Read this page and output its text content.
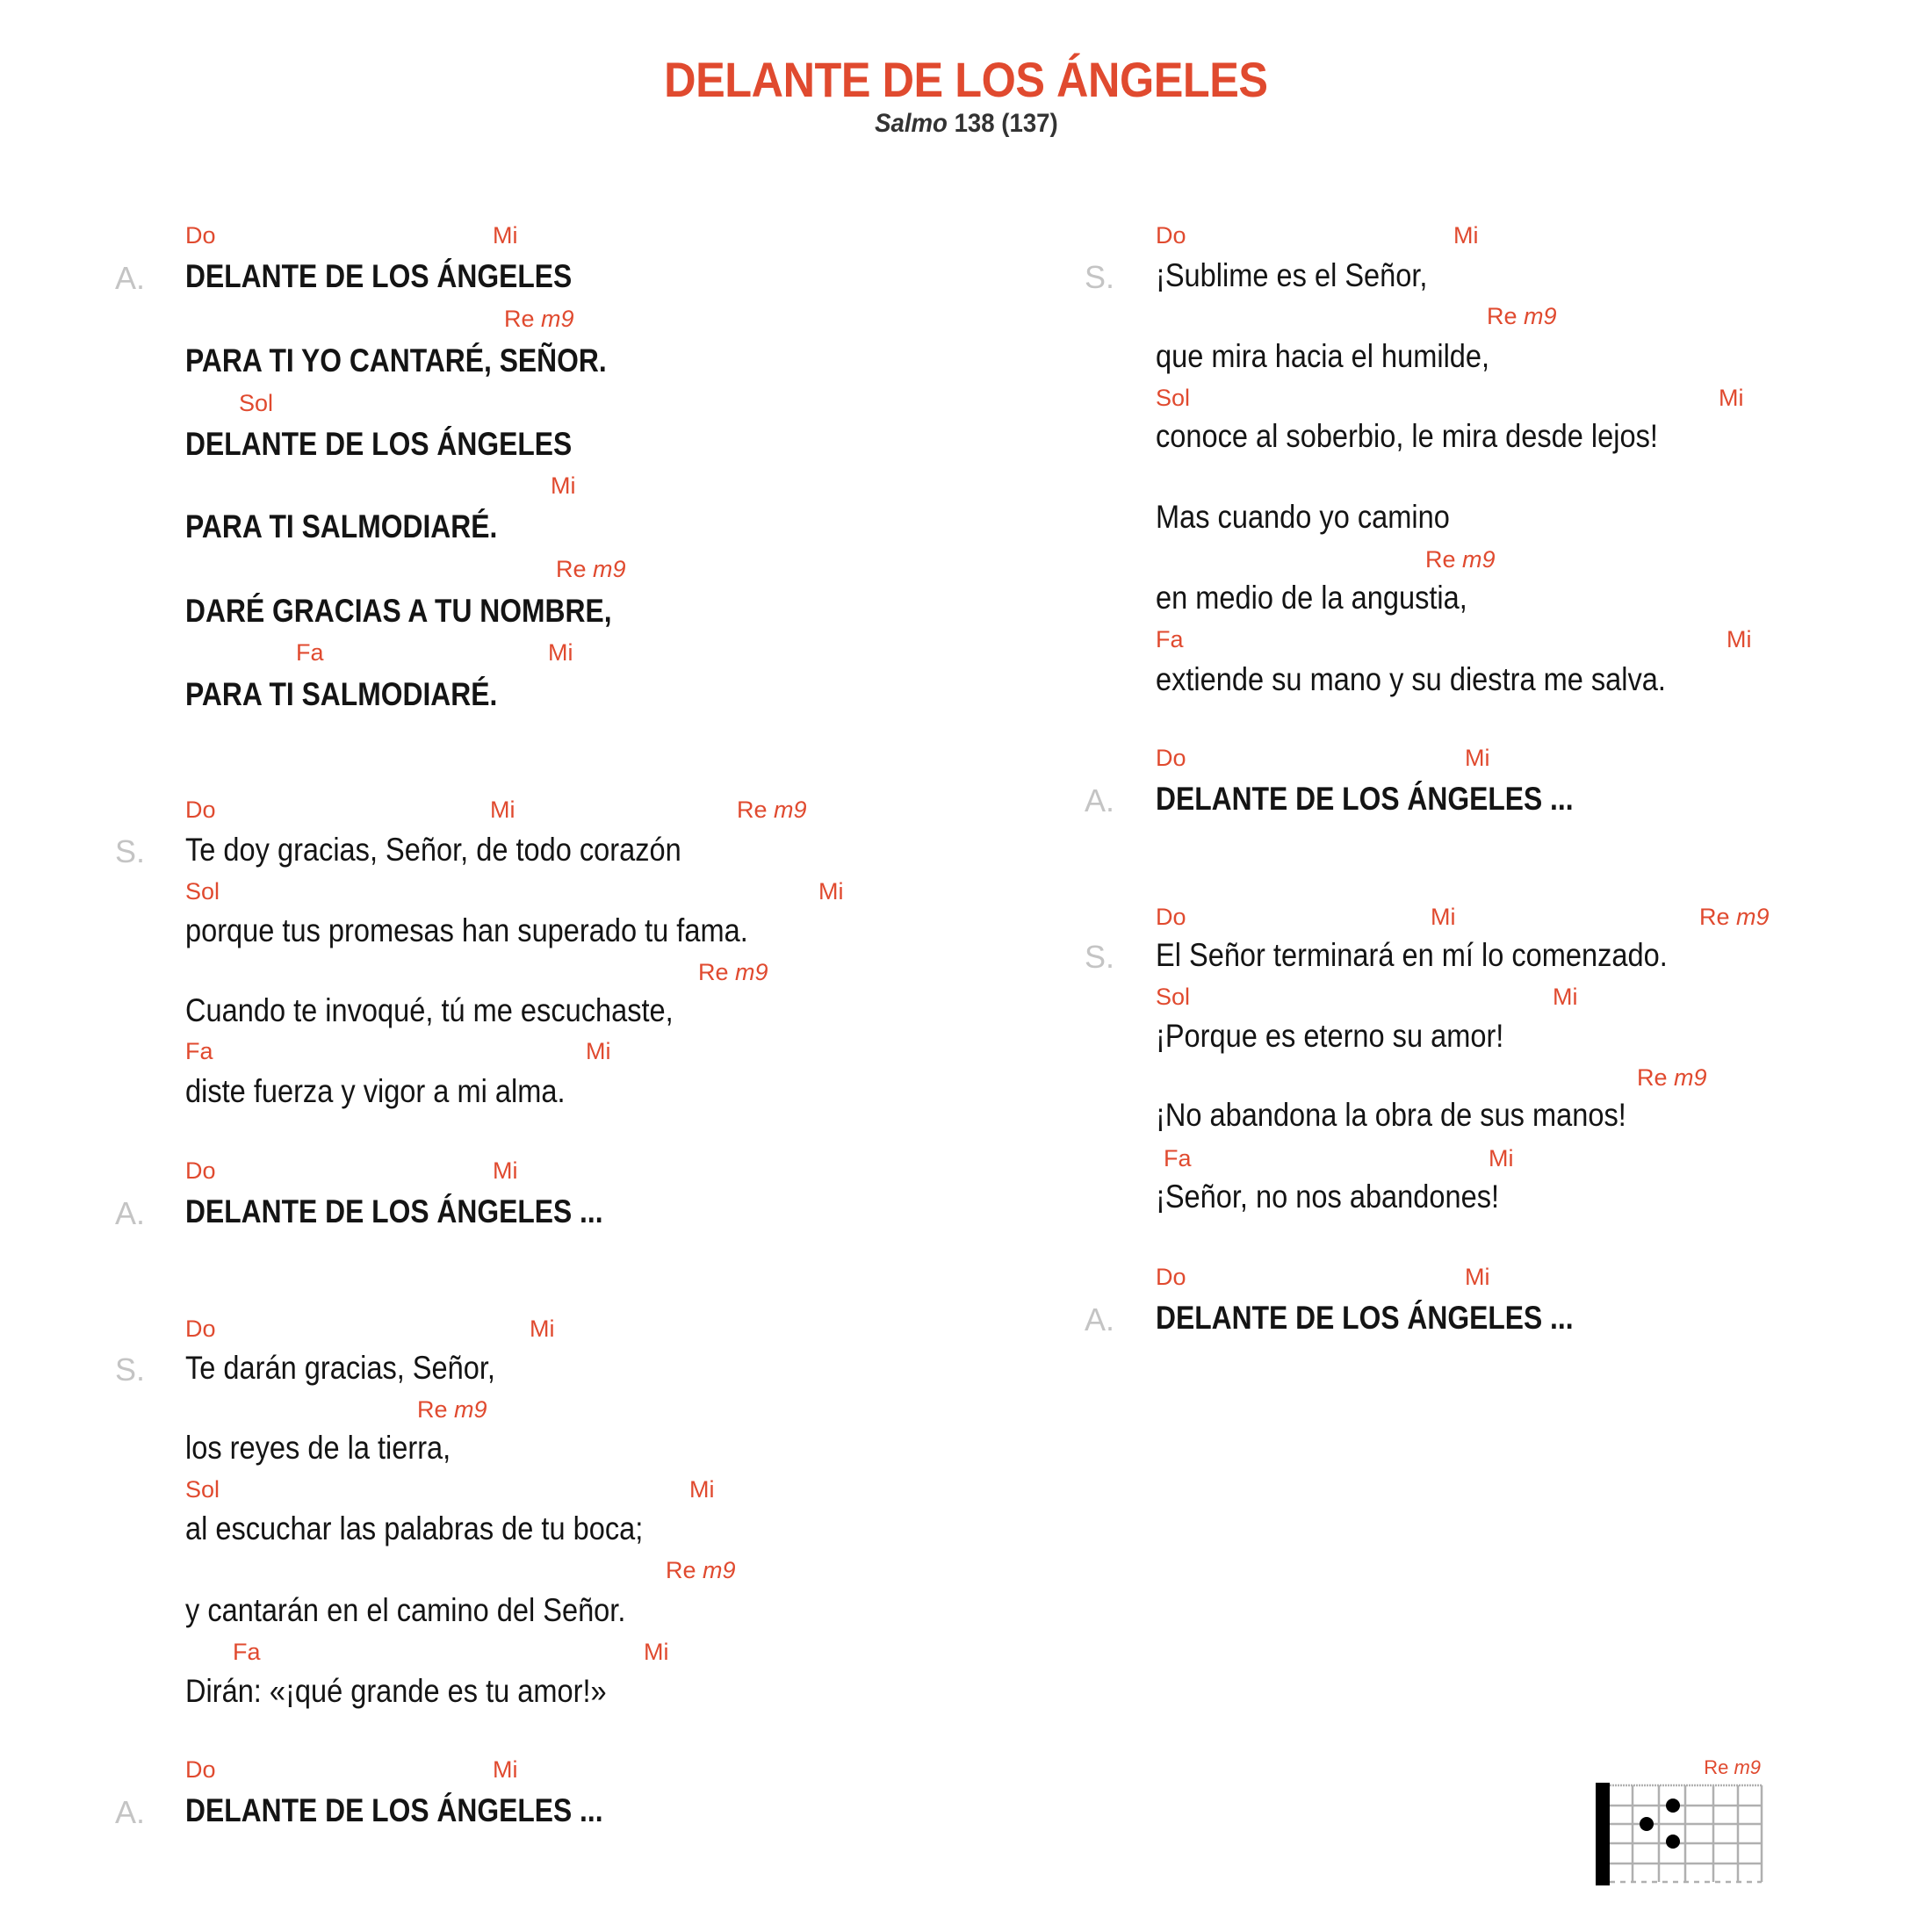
DELANTE DE LOS ÁNGELES
Salmo 138 (137)
A. DELANTE DE LOS ÁNGELES
Do	Mi
PARA TI YO CANTARÉ, SEÑOR.
Re m9
DELANTE DE LOS ÁNGELES
Sol
PARA TI SALMODIARÉ.
Mi
DARÉ GRACIAS A TU NOMBRE,
Re m9
PARA TI SALMODIARÉ.
Fa	Mi
S. Te doy gracias, Señor, de todo corazón
Do	Mi	Re m9
porque tus promesas han superado tu fama.
Sol	Mi
Cuando te invoqué, tú me escuchaste,
Re m9
diste fuerza y vigor a mi alma.
Fa	Mi
A. DELANTE DE LOS ÁNGELES ...
Do	Mi
S. Te darán gracias, Señor,
Do	Mi
los reyes de la tierra,
Re m9
al escuchar las palabras de tu boca;
Sol	Mi
y cantarán en el camino del Señor.
Re m9
Dirán: «¡qué grande es tu amor!»
Fa	Mi
A. DELANTE DE LOS ÁNGELES ...
Do	Mi
S. ¡Sublime es el Señor,
Do	Mi
que mira hacia el humilde,
Re m9
conoce al soberbio, le mira desde lejos!
Sol	Mi
Mas cuando yo camino
en medio de la angustia,
Re m9
extiende su mano y su diestra me salva.
Fa	Mi
A. DELANTE DE LOS ÁNGELES ...
Do	Mi
S. El Señor terminará en mí lo comenzado.
Do	Mi	Re m9
¡Porque es eterno su amor!
Sol	Mi
¡No abandona la obra de sus manos!
Re m9
¡Señor, no nos abandones!
Fa	Mi
A. DELANTE DE LOS ÁNGELES ...
Do	Mi
Re m9
